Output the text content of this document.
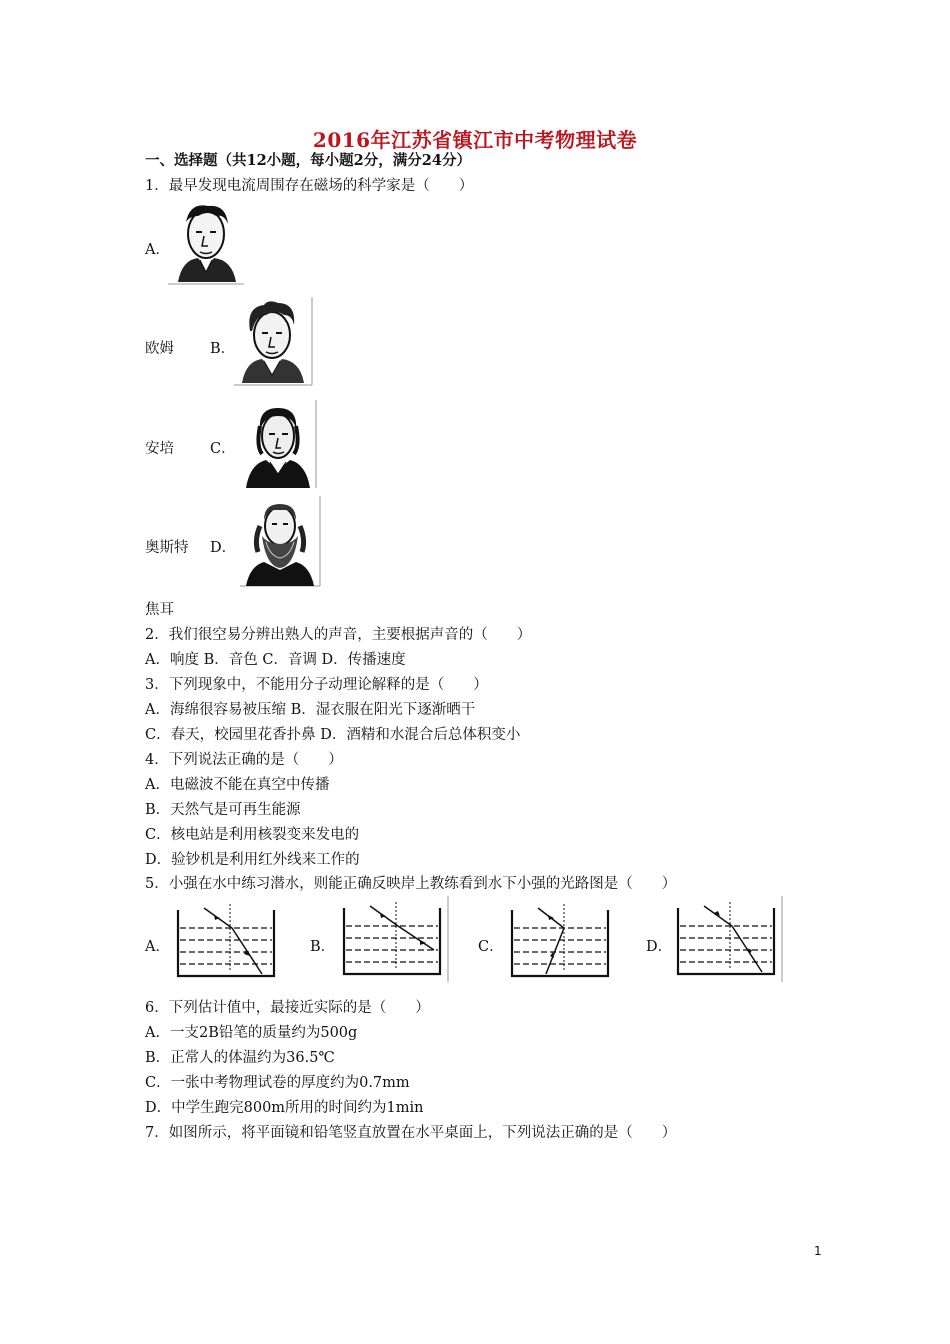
2016年江苏省镇江市中考物理试卷
一、选择题（共12小题，每小题2分，满分24分）
1．最早发现电流周围存在磁场的科学家是（　　）
A．
欧姆 B．
安培 C．
奥斯特 D．
焦耳
2．我们很空易分辨出熟人的声音，主要根据声音的（　　）
A．响度 B．音色 C．音调 D．传播速度
3．下列现象中，不能用分子动理论解释的是（　　）
A．海绵很容易被压缩 B．湿衣服在阳光下逐渐晒干
C．春天，校园里花香扑鼻 D．酒精和水混合后总体积变小
4．下列说法正确的是（　　）
A．电磁波不能在真空中传播
B．天然气是可再生能源
C．核电站是利用核裂变来发电的
D．验钞机是利用红外线来工作的
5．小强在水中练习潜水，则能正确反映岸上教练看到水下小强的光路图是（　　）
A．	B．	C．	D．
6．下列估计值中，最接近实际的是（　　）
A．一支2B铅笔的质量约为500g
B．正常人的体温约为36.5℃
C．一张中考物理试卷的厚度约为0.7mm
D．中学生跑完800m所用的时间约为1min
7．如图所示，将平面镜和铅笔竖直放置在水平桌面上，下列说法正确的是（　　）
1
